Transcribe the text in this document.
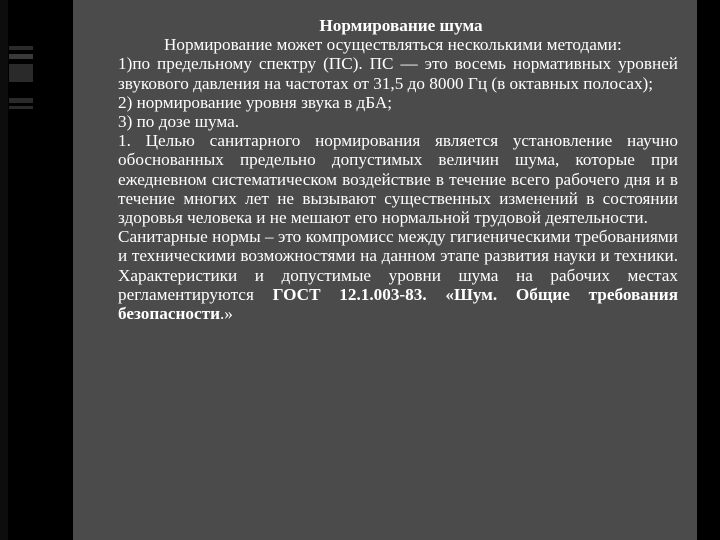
Нормирование шума
Нормирование может осуществляться несколькими методами:
1)по предельному спектру (ПС). ПС — это восемь нормативных уровней звукового давления на частотах от 31,5 до 8000 Гц (в октавных полосах);
2) нормирование уровня звука в дБА;
3) по дозе шума.
1. Целью санитарного нормирования является установление научно обоснованных предельно допустимых величин шума, которые при ежедневном систематическом воздействие в течение всего рабочего дня и в течение многих лет не вызывают существенных изменений в состоянии здоровья человека и не мешают его нормальной трудовой деятельности.
Санитарные нормы – это компромисс между гигиеническими требованиями и техническими возможностями на данном этапе развития науки и техники. Характеристики и допустимые уровни шума на рабочих местах регламентируются ГОСТ 12.1.003-83. «Шум. Общие требования безопасности.»
